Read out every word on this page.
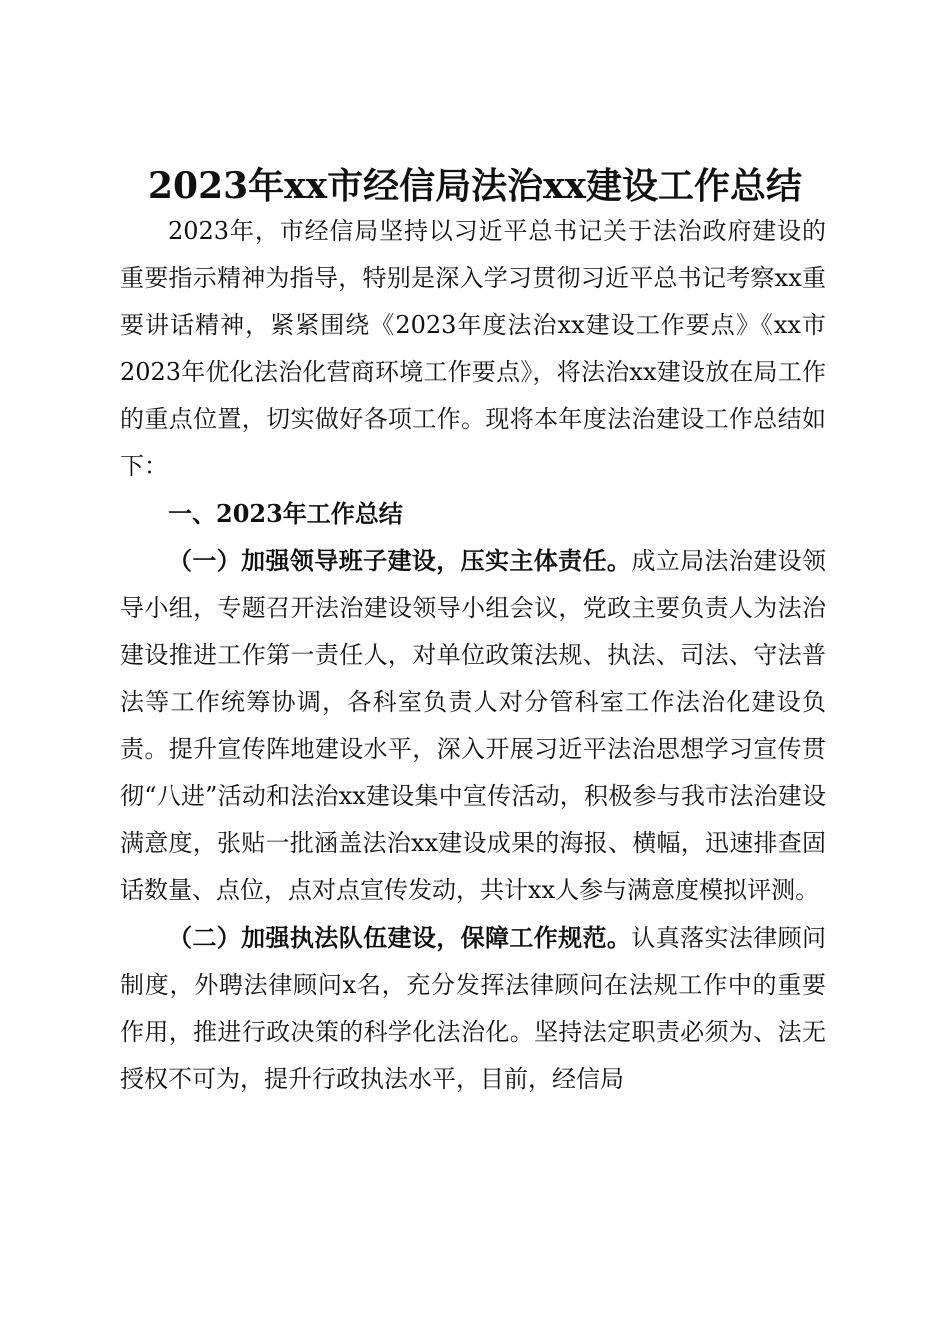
2023年xx市经信局法治xx建设工作总结

2023年，市经信局坚持以习近平总书记关于法治政府建设的重要指示精神为指导，特别是深入学习贯彻习近平总书记考察xx重要讲话精神，紧紧围绕《2023年度法治xx建设工作要点》《xx市2023年优化法治化营商环境工作要点》，将法治xx建设放在局工作的重点位置，切实做好各项工作。现将本年度法治建设工作总结如下：

一、2023年工作总结

（一）加强领导班子建设，压实主体责任。成立局法治建设领导小组，专题召开法治建设领导小组会议，党政主要负责人为法治建设推进工作第一责任人，对单位政策法规、执法、司法、守法普法等工作统筹协调，各科室负责人对分管科室工作法治化建设负责。提升宣传阵地建设水平，深入开展习近平法治思想学习宣传贯彻“八进”活动和法治xx建设集中宣传活动，积极参与我市法治建设满意度，张贴一批涵盖法治xx建设成果的海报、横幅，迅速排查固话数量、点位，点对点宣传发动，共计xx人参与满意度模拟评测。

（二）加强执法队伍建设，保障工作规范。认真落实法律顾问制度，外聘法律顾问x名，充分发挥法律顾问在法规工作中的重要作用，推进行政决策的科学化法治化。坚持法定职责必须为、法无授权不可为，提升行政执法水平，目前，经信局
